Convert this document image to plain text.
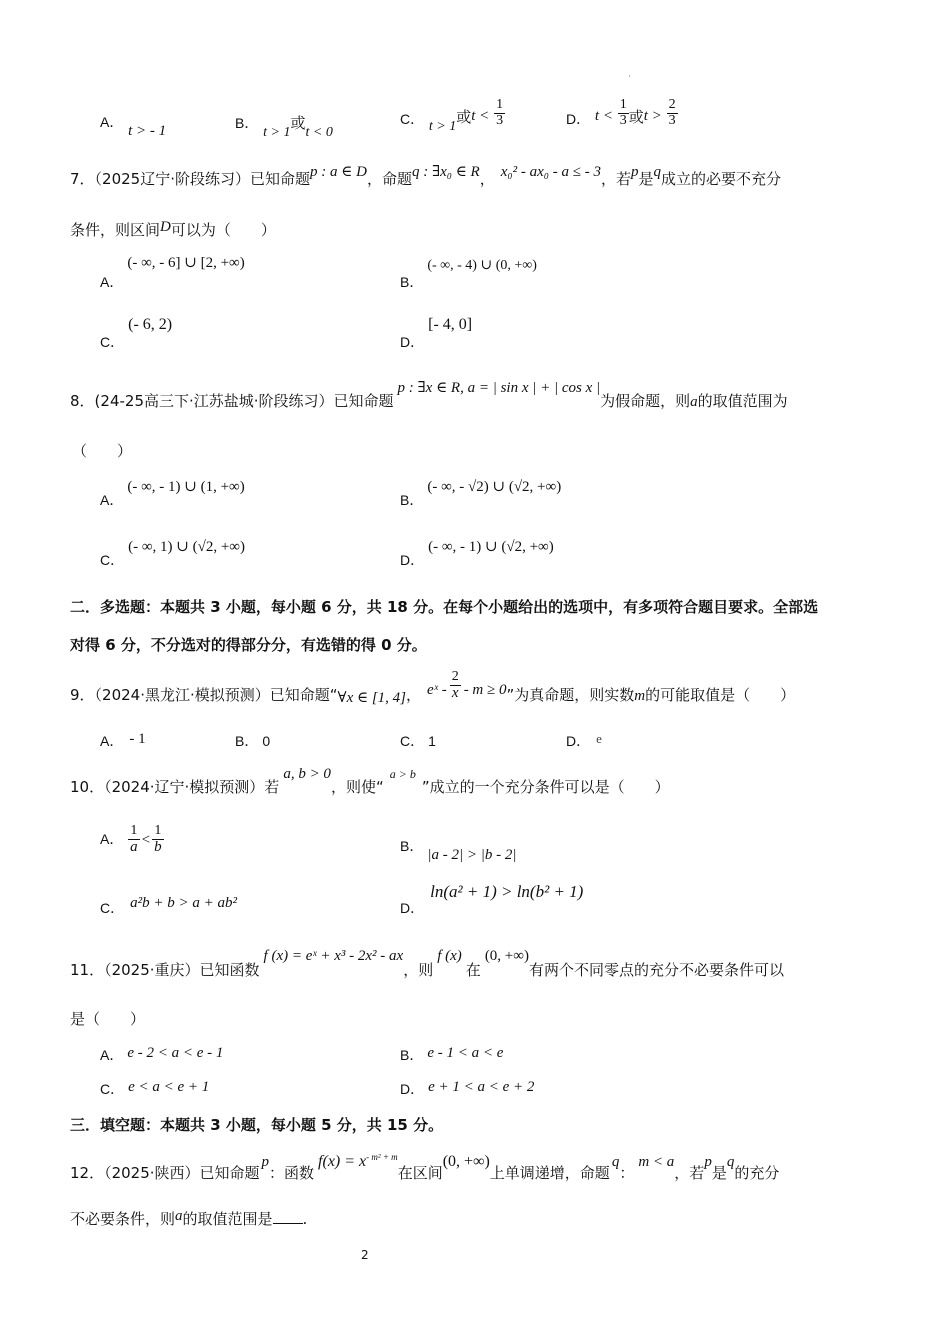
·
A． t > - 1	B． t > 1或t < 0
C． t > 1或$t < \frac{1}{3}$	D． $t < \frac{1}{3}$ 或$t > \frac{2}{3}$
7．（2025辽宁·阶段练习）已知命题p : a ∈ D，命题q : ∃x₀ ∈ R， x₀² - ax₀ - a ≤ - 3，若p是q成立的必要不充分
条件，则区间D可以为（　　）
A．(- ∞, - 6] ∪ [2, +∞)
B．(- ∞, - 4) ∪ (0, +∞)
C．(- 6, 2)
D．[- 4, 0]
8．(24-25高三下·江苏盐城·阶段练习）已知命题p : ∃x ∈ R, a = | sin x | + | cos x |为假命题，则a的取值范围为
（　　）
A．(- ∞, - 1) ∪ (1, +∞)
B．(- ∞, - √2) ∪ (√2, +∞)
C．(- ∞, 1) ∪ (√2, +∞)
D．(- ∞, - 1) ∪ (√2, +∞)
二．多选题：本题共 3 小题，每小题 6 分，共 18 分。在每个小题给出的选项中，有多项符合题目要求。全部选
对得 6 分，不分选对的得部分分，有选错的得 0 分。
9．（2024·黑龙江·模拟预测）已知命题“∀x ∈ [1, 4]， eˣ - $\frac{2}{x} - m \ge 0$”为真命题，则实数m的可能取值是（　　）
A． - 1	B． 0	C． 1	D． e
10．（2024·辽宁·模拟预测）若a, b > 0，则使“a > b”成立的一个充分条件可以是（　　）
A． $\frac{1}{a} < \frac{1}{b}$	B．|a - 2| > |b - 2|
C． a²b + b > a + ab²	D．ln(a² + 1) > ln(b² + 1)
11．（2025·重庆）已知函数f (x) = eˣ + x³ - 2x² - ax，则f (x)在(0, +∞)有两个不同零点的充分不必要条件可以
是（　　）
A． e - 2 < a < e - 1	B． e - 1 < a < e
C． e < a < e + 1	D． e + 1 < a < e + 2
三．填空题：本题共 3 小题，每小题 5 分，共 15 分。
12．（2025·陕西）已知命题p：函数$f(x) = x^{- m^2 + m}$在区间(0, +∞)上单调递增，命题q：m < a，若p是q的充分
不必要条件，则a的取值范围是 .
2
